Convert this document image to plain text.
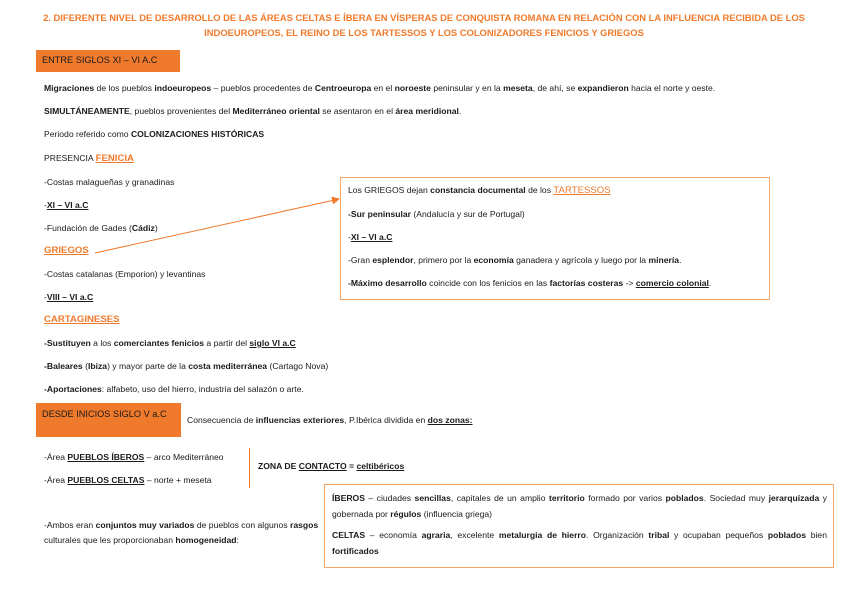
2. DIFERENTE NIVEL DE DESARROLLO DE LAS ÁREAS CELTAS E ÍBERA EN VÍSPERAS DE CONQUISTA ROMANA EN RELACIÓN CON LA INFLUENCIA RECIBIDA DE LOS INDOEUROPEOS, EL REINO DE LOS TARTESSOS Y LOS COLONIZADORES FENICIOS Y GRIEGOS
ENTRE SIGLOS XI – VI A.C
Migraciones de los pueblos indoeuropeos – pueblos procedentes de Centroeuropa en el noroeste peninsular y en la meseta, de ahí, se expandieron hacia el norte y oeste.
SIMULTÁNEAMENTE, pueblos provenientes del Mediterráneo oriental se asentaron en el área meridional.
Periodo referido como COLONIZACIONES HISTÓRICAS
PRESENCIA FENICIA
-Costas malagueñas y granadinas
-XI – VI a.C
-Fundación de Gades (Cádiz)
GRIEGOS
-Costas catalanas (Emporion) y levantinas
-VIII – VI a.C
CARTAGINESES
-Sustituyen a los comerciantes fenicios a partir del siglo VI a.C
-Baleares (Ibiza) y mayor parte de la costa mediterránea (Cartago Nova)
-Aportaciones: alfabeto, uso del hierro, industria del salazón o arte.
Los GRIEGOS dejan constancia documental de los TARTESSOS
-Sur peninsular (Andalucía y sur de Portugal)
-XI – VI a.C
-Gran esplendor, primero por la economía ganadera y agrícola y luego por la minería.
-Máximo desarrollo coincide con los fenicios en las factorías costeras -> comercio colonial.
DESDE INICIOS SIGLO V a.C
Consecuencia de influencias exteriores, P.Ibérica dividida en dos zonas:
-Área PUEBLOS ÍBEROS – arco Mediterráneo
-Área PUEBLOS CELTAS – norte + meseta
ZONA DE CONTACTO = celtibéricos
-Ambos eran conjuntos muy variados de pueblos con algunos rasgos culturales que les proporcionaban homogeneidad:
ÍBEROS – ciudades sencillas, capitales de un amplio territorio formado por varios poblados. Sociedad muy jerarquizada y gobernada por régulos (influencia griega)
CELTAS – economía agraria, excelente metalurgia de hierro. Organización tribal y ocupaban pequeños poblados bien fortificados
